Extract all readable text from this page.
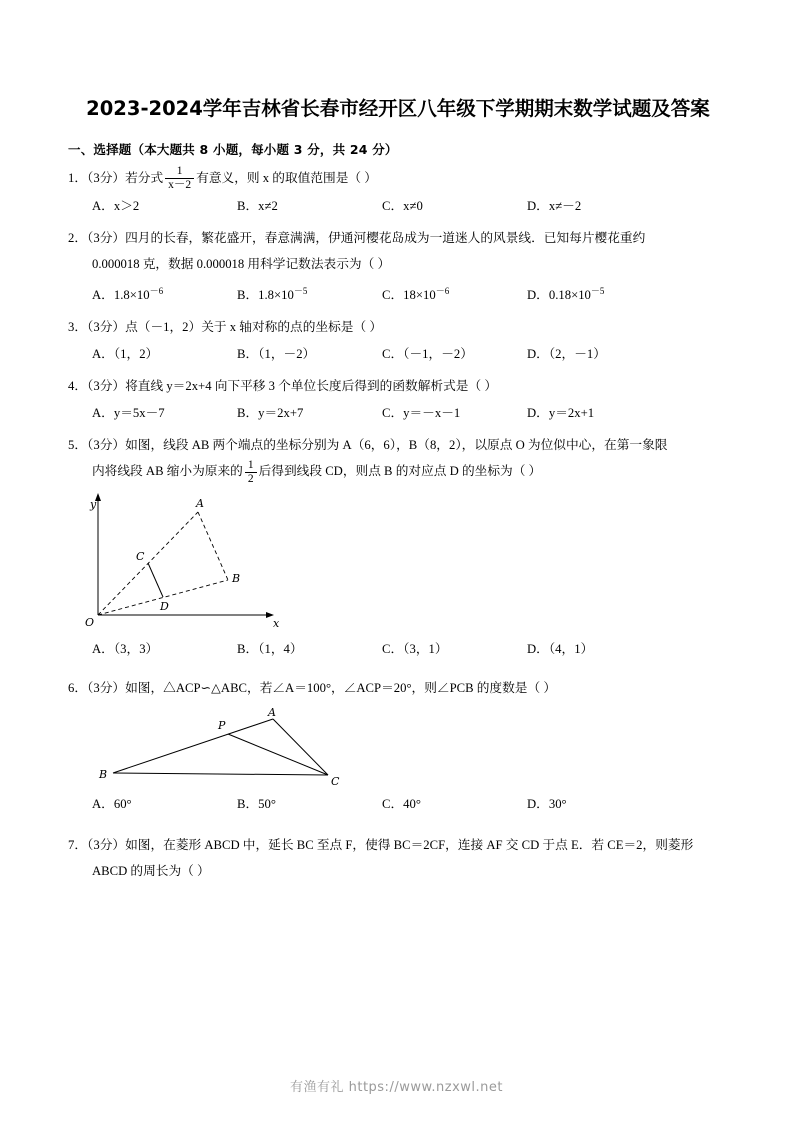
2023-2024学年吉林省长春市经开区八年级下学期期末数学试题及答案
一、选择题（本大题共 8 小题，每小题 3 分，共 24 分）
1．（3分）若分式 $\frac{1}{x-2}$ 有意义，则 x 的取值范围是（ ）
A．x＞2	B．x≠2	C．x≠0	D．x≠－2
2．（3分）四月的长春，繁花盛开，春意满满，伊通河樱花岛成为一道迷人的风景线．已知每片樱花重约
0.000018 克，数据 0.000018 用科学记数法表示为（ ）
A．$1.8\times 10^{-6}$	B．$1.8\times 10^{-5}$	C．$18\times 10^{-6}$	D．$0.18\times 10^{-5}$
3．（3分）点（－1，2）关于 x 轴对称的点的坐标是（ ）
A．（1，2）	B．（1，－2）	C．（－1，－2）	D．（2，－1）
4．（3分）将直线 y＝2x+4 向下平移 3 个单位长度后得到的函数解析式是（ ）
A．y＝5x－7	B．y＝2x+7	C．y＝－x－1	D．y＝2x+1
5．（3分）如图，线段 AB 两个端点的坐标分别为 A（6，6），B（8，2），以原点 O 为位似中心，在第一象限
内将线段 AB 缩小为原来的 $\frac{1}{2}$ 后得到线段 CD，则点 B 的对应点 D 的坐标为（ ）
y	A
C
B
D
O	x
A．（3，3）	B．（1，4）	C．（3，1）	D．（4，1）
6．（3分）如图，△ACP∽△ABC，若∠A＝100°，∠ACP＝20°，则∠PCB 的度数是（ ）
P
A
B
C
A．60°	B．50°	C．40°	D．30°
7．（3分）如图，在菱形 ABCD 中，延长 BC 至点 F，使得 BC＝2CF，连接 AF 交 CD 于点 E．若 CE＝2，则菱形
ABCD 的周长为（ ）
有渔有礼 https://www.nzxwl.net
